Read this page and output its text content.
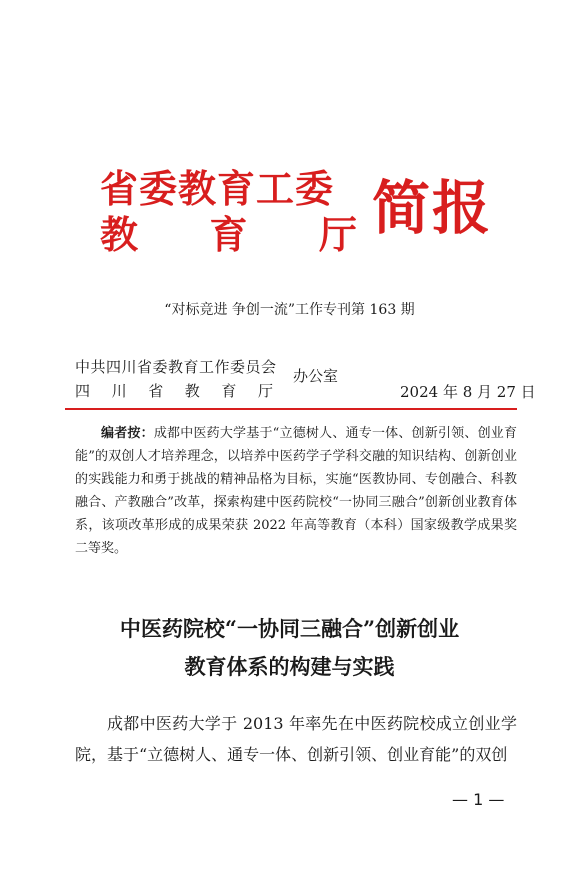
省委教育工委
教 育 厅 简报
“对标竞进 争创一流”工作专刊第 163 期
中共四川省委教育工作委员会
四 川 省 教 育 厅
办公室
2024 年 8 月 27 日
编者按：成都中医药大学基于“立德树人、通专一体、创新引领、创业育能”的双创人才培养理念，以培养中医药学子学科交融的知识结构、创新创业的实践能力和勇于挑战的精神品格为目标，实施“医教协同、专创融合、科教融合、产教融合”改革，探索构建中医药院校“一协同三融合”创新创业教育体系，该项改革形成的成果荣获 2022 年高等教育（本科）国家级教学成果奖二等奖。
中医药院校“一协同三融合”创新创业
教育体系的构建与实践
成都中医药大学于 2013 年率先在中医药院校成立创业学院，基于“立德树人、通专一体、创新引领、创业育能”的双创
— 1 —
